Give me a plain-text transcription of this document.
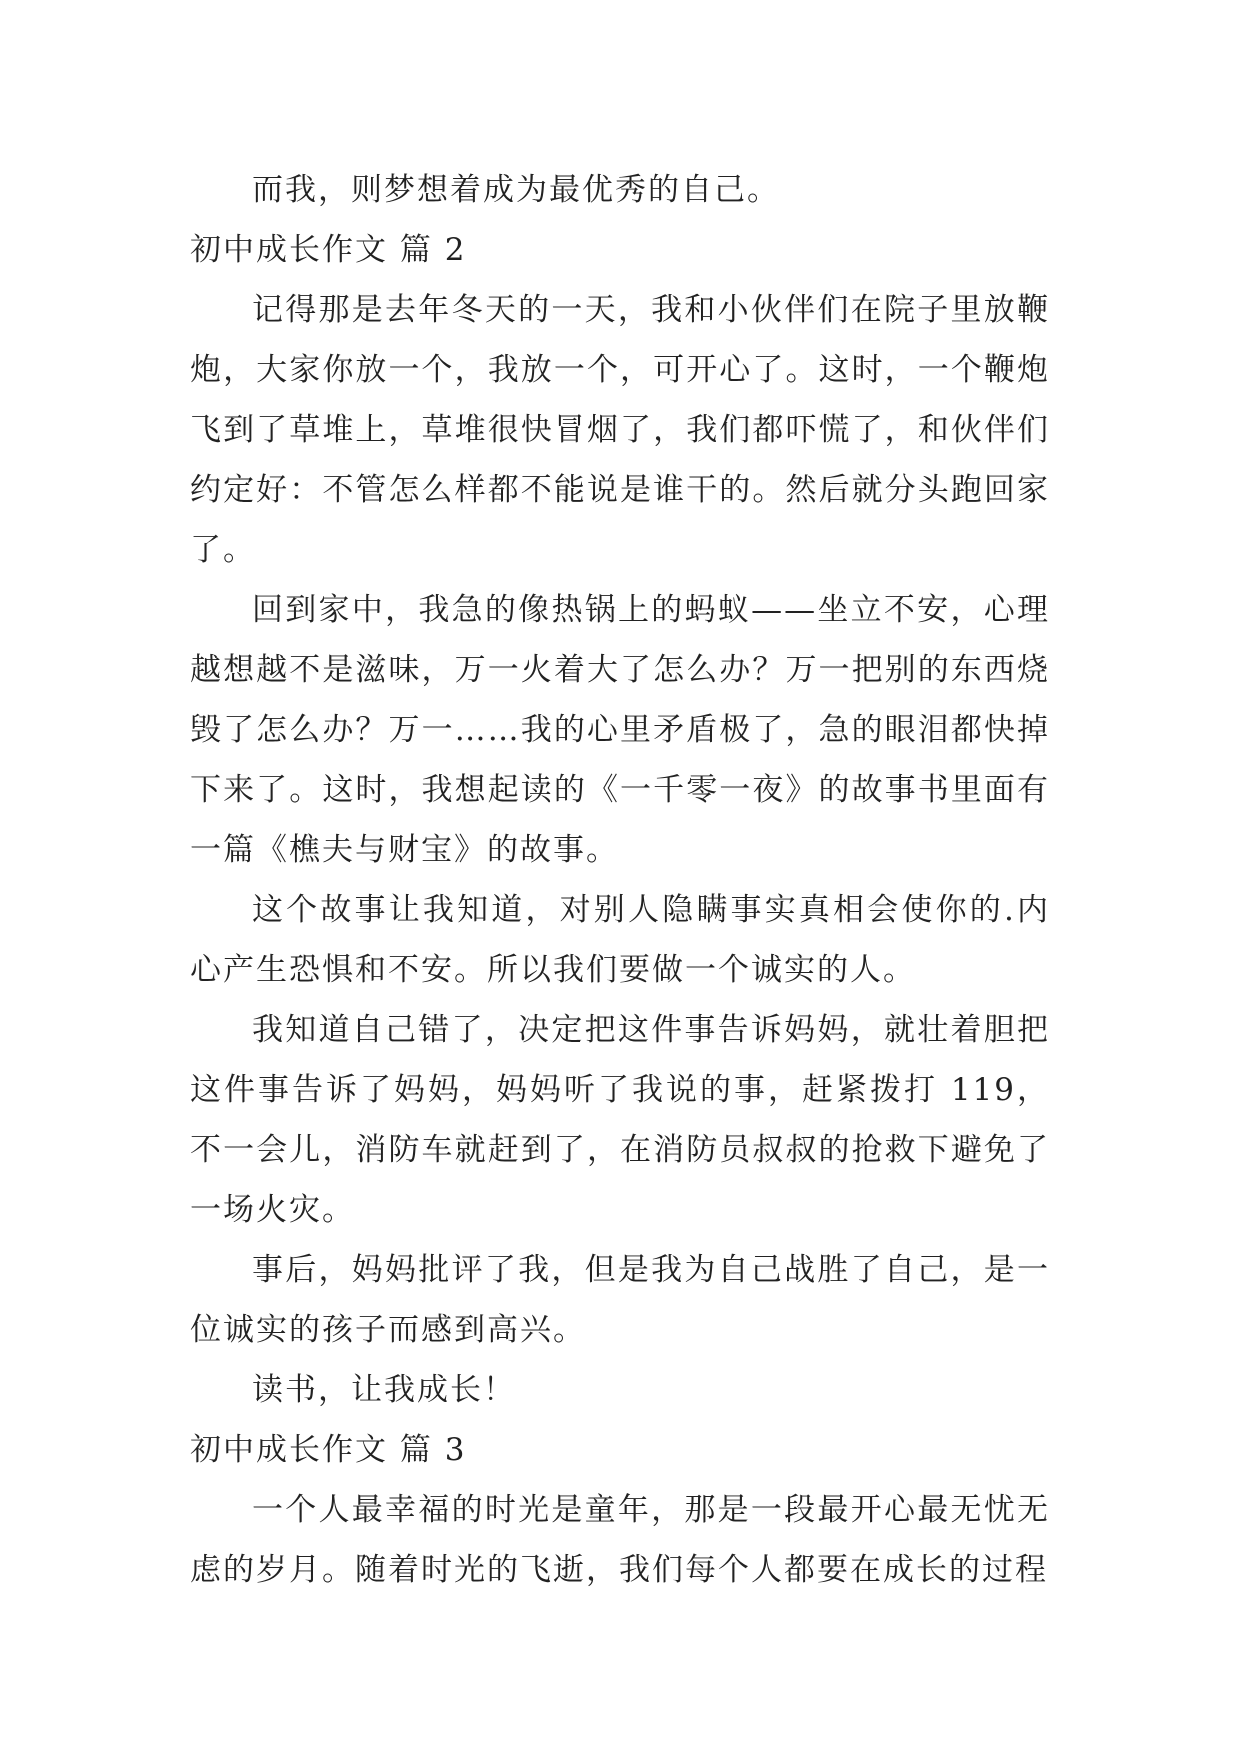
而我，则梦想着成为最优秀的自己。

初中成长作文 篇 2

记得那是去年冬天的一天，我和小伙伴们在院子里放鞭炮，大家你放一个，我放一个，可开心了。这时，一个鞭炮飞到了草堆上，草堆很快冒烟了，我们都吓慌了，和伙伴们约定好：不管怎么样都不能说是谁干的。然后就分头跑回家了。

回到家中，我急的像热锅上的蚂蚁——坐立不安，心理越想越不是滋味，万一火着大了怎么办？万一把别的东西烧毁了怎么办？万一……我的心里矛盾极了，急的眼泪都快掉下来了。这时，我想起读的《一千零一夜》的故事书里面有一篇《樵夫与财宝》的故事。

这个故事让我知道，对别人隐瞒事实真相会使你的.内心产生恐惧和不安。所以我们要做一个诚实的人。

我知道自己错了，决定把这件事告诉妈妈，就壮着胆把这件事告诉了妈妈，妈妈听了我说的事，赶紧拨打 119，不一会儿，消防车就赶到了，在消防员叔叔的抢救下避免了一场火灾。

事后，妈妈批评了我，但是我为自己战胜了自己，是一位诚实的孩子而感到高兴。

读书，让我成长！

初中成长作文 篇 3

一个人最幸福的时光是童年，那是一段最开心最无忧无虑的岁月。随着时光的飞逝，我们每个人都要在成长的过程
